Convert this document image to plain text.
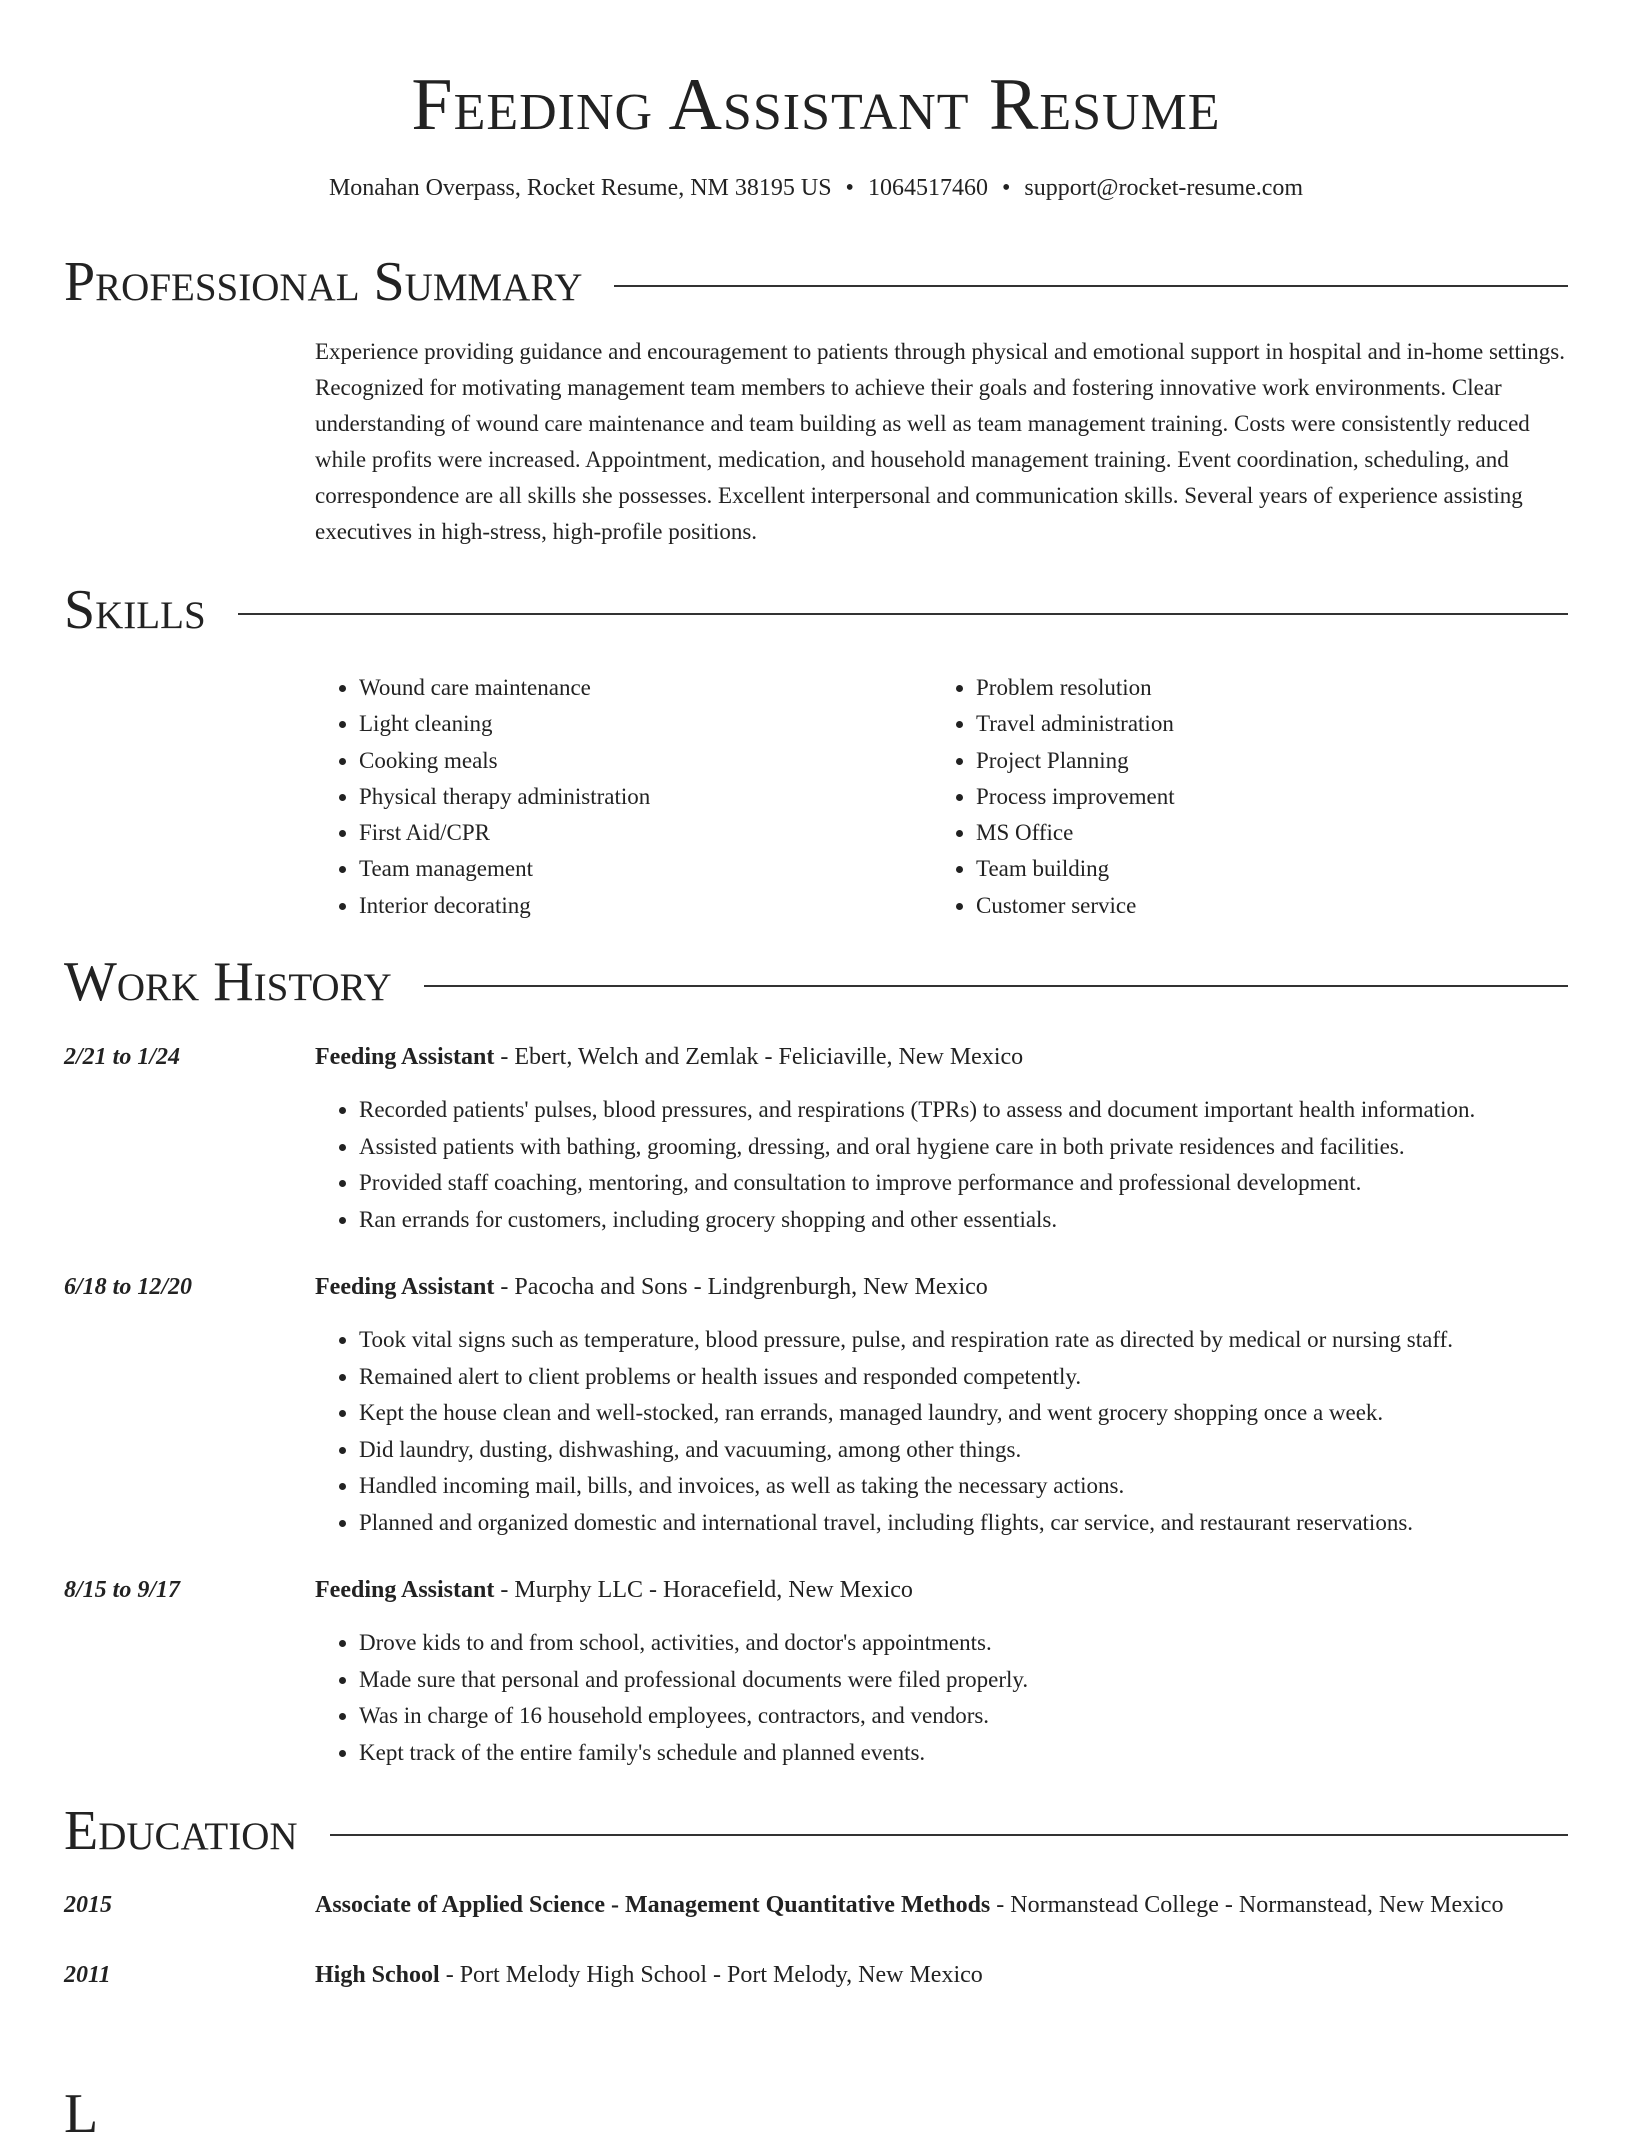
Feeding Assistant Resume
Monahan Overpass, Rocket Resume, NM 38195 US • 1064517460 • support@rocket-resume.com
Professional Summary
Experience providing guidance and encouragement to patients through physical and emotional support in hospital and in-home settings. Recognized for motivating management team members to achieve their goals and fostering innovative work environments. Clear understanding of wound care maintenance and team building as well as team management training. Costs were consistently reduced while profits were increased. Appointment, medication, and household management training. Event coordination, scheduling, and correspondence are all skills she possesses. Excellent interpersonal and communication skills. Several years of experience assisting executives in high-stress, high-profile positions.
Skills
• Wound care maintenance
• Light cleaning
• Cooking meals
• Physical therapy administration
• First Aid/CPR
• Team management
• Interior decorating
• Problem resolution
• Travel administration
• Project Planning
• Process improvement
• MS Office
• Team building
• Customer service
Work History
2/21 to 1/24	Feeding Assistant - Ebert, Welch and Zemlak - Feliciaville, New Mexico
• Recorded patients' pulses, blood pressures, and respirations (TPRs) to assess and document important health information.
• Assisted patients with bathing, grooming, dressing, and oral hygiene care in both private residences and facilities.
• Provided staff coaching, mentoring, and consultation to improve performance and professional development.
• Ran errands for customers, including grocery shopping and other essentials.
6/18 to 12/20	Feeding Assistant - Pacocha and Sons - Lindgrenburgh, New Mexico
• Took vital signs such as temperature, blood pressure, pulse, and respiration rate as directed by medical or nursing staff.
• Remained alert to client problems or health issues and responded competently.
• Kept the house clean and well-stocked, ran errands, managed laundry, and went grocery shopping once a week.
• Did laundry, dusting, dishwashing, and vacuuming, among other things.
• Handled incoming mail, bills, and invoices, as well as taking the necessary actions.
• Planned and organized domestic and international travel, including flights, car service, and restaurant reservations.
8/15 to 9/17	Feeding Assistant - Murphy LLC - Horacefield, New Mexico
• Drove kids to and from school, activities, and doctor's appointments.
• Made sure that personal and professional documents were filed properly.
• Was in charge of 16 household employees, contractors, and vendors.
• Kept track of the entire family's schedule and planned events.
Education
2015	Associate of Applied Science - Management Quantitative Methods - Normanstead College - Normanstead, New Mexico
2011	High School - Port Melody High School - Port Melody, New Mexico
L
